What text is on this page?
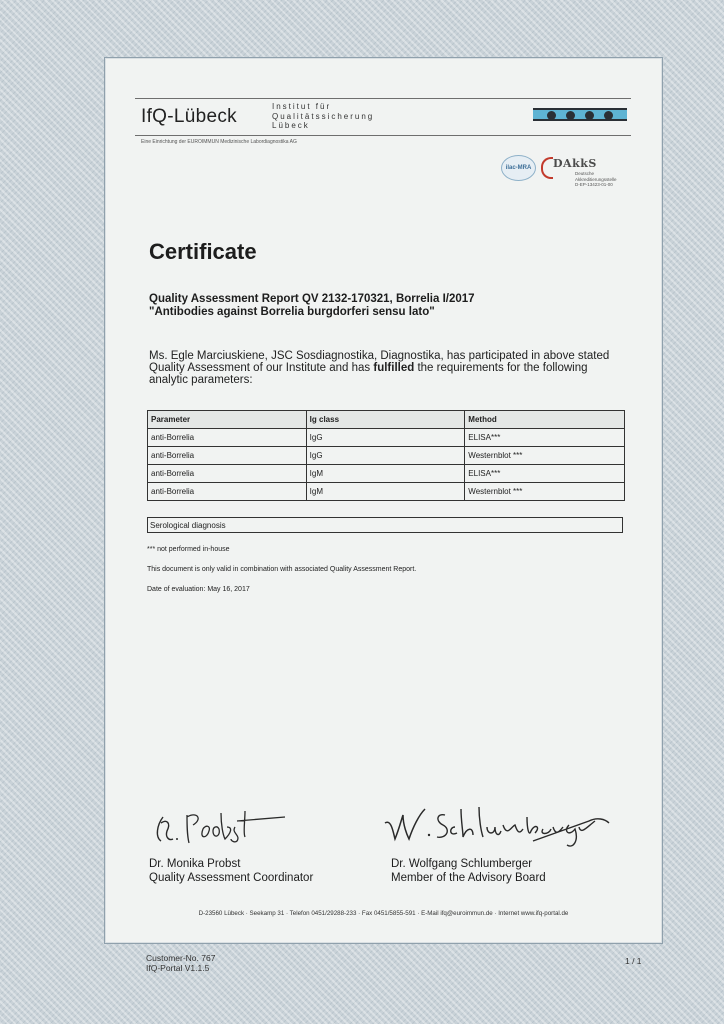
IfQ-Lübeck	Institut für
Qualitätssicherung
Lübeck
Eine Einrichtung der EUROIMMUN Medizinische Labordiagnostika AG
ilac-MRA	DAkkS
Deutsche
Akkreditierungsstelle
D-EP-13423-01-00
Certificate
Quality Assessment Report QV 2132-170321, Borrelia I/2017
"Antibodies against Borrelia burgdorferi sensu lato"
Ms. Egle Marciuskiene, JSC Sosdiagnostika, Diagnostika, has participated in above stated Quality Assessment of our Institute and has fulfilled the requirements for the following analytic parameters:
Parameter	Ig class	Method
anti-Borrelia	IgG	ELISA***
anti-Borrelia	IgG	Westernblot ***
anti-Borrelia	IgM	ELISA***
anti-Borrelia	IgM	Westernblot ***
Serological diagnosis
*** not performed in-house
This document is only valid in combination with associated Quality Assessment Report.
Date of evaluation: May 16, 2017
Dr. Monika Probst
Quality Assessment Coordinator
Dr. Wolfgang Schlumberger
Member of the Advisory Board
D-23560 Lübeck · Seekamp 31 · Telefon 0451/29288-233 · Fax 0451/5855-591 · E-Mail ifq@euroimmun.de · Internet www.ifq-portal.de
Customer-No. 767
IfQ-Portal V1.1.5
1 / 1
